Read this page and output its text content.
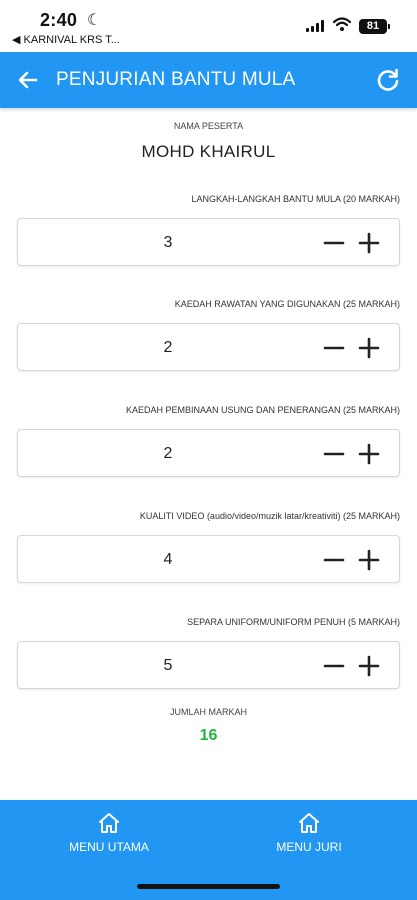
2:40 ☾
◀ KARNIVAL KRS T...
81
PENJURIAN BANTU MULA
NAMA PESERTA
MOHD KHAIRUL
LANGKAH-LANGKAH BANTU MULA (20 MARKAH)
3
KAEDAH RAWATAN YANG DIGUNAKAN (25 MARKAH)
2
KAEDAH PEMBINAAN USUNG DAN PENERANGAN (25 MARKAH)
2
KUALITI VIDEO (audio/video/muzik latar/kreativiti) (25 MARKAH)
4
SEPARA UNIFORM/UNIFORM PENUH (5 MARKAH)
5
JUMLAH MARKAH
16
MENU UTAMA	MENU JURI
